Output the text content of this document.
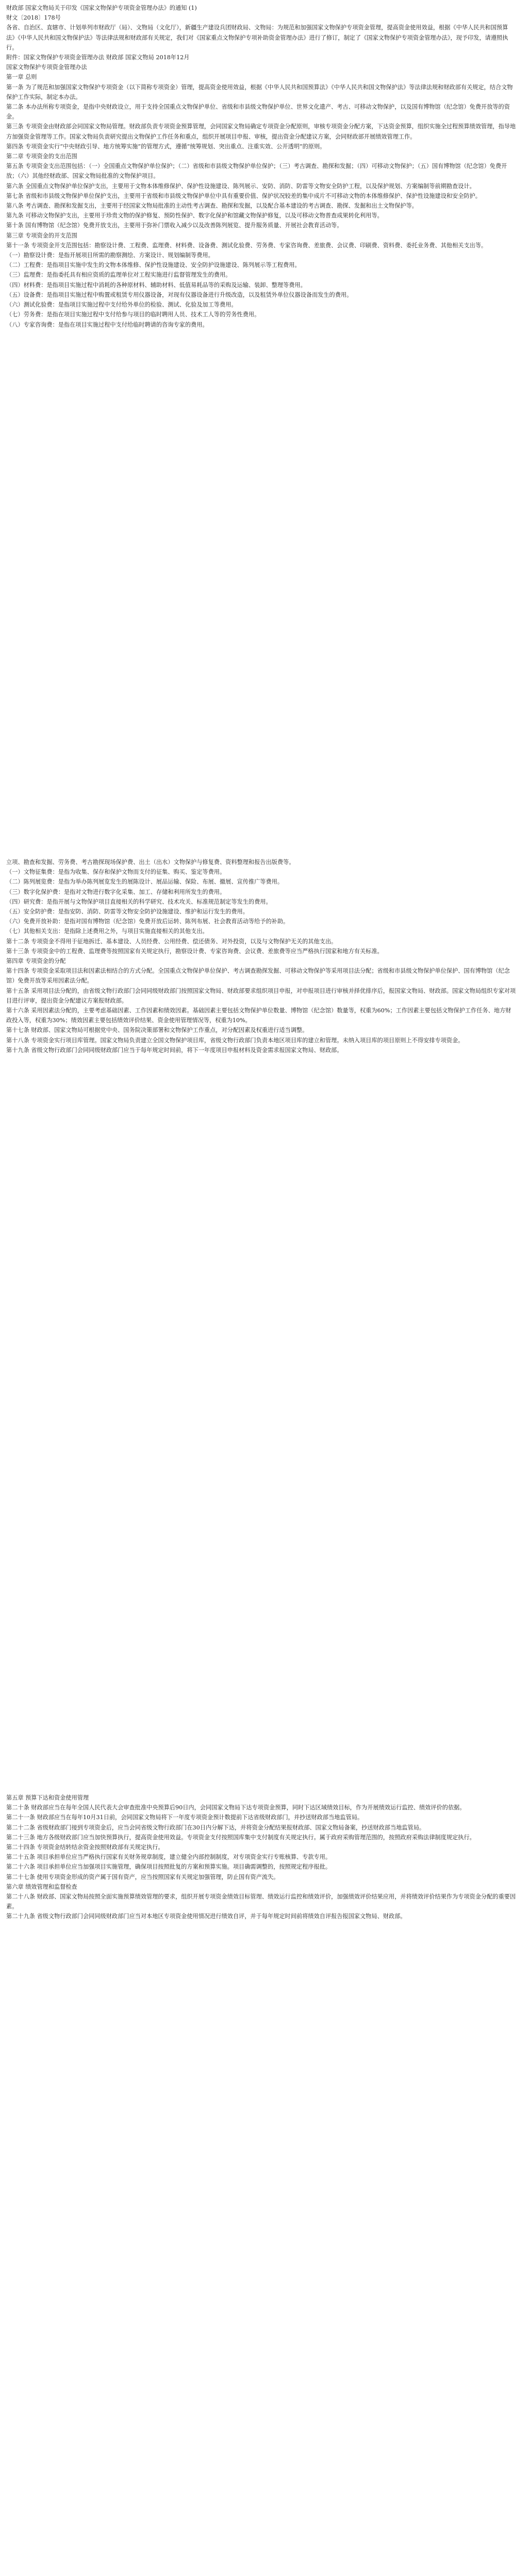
财政部 国家文物局关于印发《国家文物保护专项资金管理办法》的通知 (1)

财文〔2018〕178号

各省、自治区、直辖市、计划单列市财政厅（局）、文物局（文化厅），新疆生产建设兵团财政局、文物局：为规范和加强国家文物保护专项资金管理，提高资金使用效益，根据《中华人民共和国预算法》《中华人民共和国文物保护法》等法律法规和财政部有关规定，我们对《国家重点文物保护专项补助资金管理办法》进行了修订，制定了《国家文物保护专项资金管理办法》，现予印发，请遵照执行。

附件：国家文物保护专项资金管理办法 财政部 国家文物局 2018年12月

国家文物保护专项资金管理办法

第一章 总则

第一条 为了规范和加强国家文物保护专项资金（以下简称专项资金）管理，提高资金使用效益，根据《中华人民共和国预算法》《中华人民共和国文物保护法》等法律法规和财政部有关规定，结合文物保护工作实际，制定本办法。

第二条 本办法所称专项资金，是指中央财政设立，用于支持全国重点文物保护单位、省级和市县级文物保护单位、世界文化遗产、考古、可移动文物保护，以及国有博物馆（纪念馆）免费开放等的资金。

第三条 专项资金由财政部会同国家文物局管理。财政部负责专项资金预算管理，会同国家文物局确定专项资金分配原则，审核专项资金分配方案，下达资金预算，组织实施全过程预算绩效管理，指导地方加强资金管理等工作。国家文物局负责研究提出文物保护工作任务和重点，组织开展项目申报、审核，提出资金分配建议方案，会同财政部开展绩效管理工作。

第四条 专项资金实行“中央财政引导、地方统筹实施”的管理方式，遵循“统筹规划、突出重点、注重实效、公开透明”的原则。

第二章 专项资金的支出范围

第五条 专项资金支出范围包括：（一）全国重点文物保护单位保护；（二）省级和市县级文物保护单位保护；（三）考古调查、勘探和发掘；（四）可移动文物保护；（五）国有博物馆（纪念馆）免费开放；（六）其他经财政部、国家文物局批准的文物保护项目。

第六条 全国重点文物保护单位保护支出，主要用于文物本体维修保护、保护性设施建设、陈列展示、安防、消防、防雷等文物安全防护工程，以及保护规划、方案编制等前期勘查设计。

第七条 省级和市县级文物保护单位保护支出，主要用于省级和市县级文物保护单位中具有重要价值、保护状况较差的集中成片不可移动文物的本体维修保护、保护性设施建设和安全防护。

第八条 考古调查、勘探和发掘支出，主要用于经国家文物局批准的主动性考古调查、勘探和发掘，以及配合基本建设的考古调查、勘探、发掘和出土文物保护等。

第九条 可移动文物保护支出，主要用于珍贵文物的保护修复、预防性保护、数字化保护和馆藏文物保护修复，以及可移动文物普查成果转化利用等。

第十条 国有博物馆（纪念馆）免费开放支出，主要用于弥补门票收入减少以及改善陈列展览、提升服务质量、开展社会教育活动等。

第三章 专项资金的开支范围

第十一条 专项资金开支范围包括：勘察设计费、工程费、监理费、材料费、设备费、测试化验费、劳务费、专家咨询费、差旅费、会议费、印刷费、资料费、委托业务费、其他相关支出等。

（一）勘察设计费：是指开展项目所需的勘察测绘、方案设计、规划编制等费用。

（二）工程费：是指项目实施中发生的文物本体维修、保护性设施建设、安全防护设施建设、陈列展示等工程费用。

（三）监理费：是指委托具有相应资质的监理单位对工程实施进行监督管理发生的费用。

（四）材料费：是指项目实施过程中消耗的各种原材料、辅助材料、低值易耗品等的采购及运输、装卸、整理等费用。

（五）设备费：是指项目实施过程中购置或租赁专用仪器设备，对现有仪器设备进行升级改造，以及租赁外单位仪器设备而发生的费用。

（六）测试化验费：是指项目实施过程中支付给外单位的检验、测试、化验及加工等费用。

（七）劳务费：是指在项目实施过程中支付给参与项目的临时聘用人员、技术工人等的劳务性费用。

（八）专家咨询费：是指在项目实施过程中支付给临时聘请的咨询专家的费用。

立项、勘查和发掘、劳务费、考古勘探现场保护费、出土（出水）文物保护与修复费、资料整理和报告出版费等。

（一）文物征集费：是指为收集、保存和保护文物而支付的征集、购买、鉴定等费用。

（二）陈列展览费：是指为举办陈列展览发生的展陈设计、展品运输、保险、布展、撤展、宣传推广等费用。

（三）数字化保护费：是指对文物进行数字化采集、加工、存储和利用所发生的费用。

（四）研究费：是指开展与文物保护项目直接相关的科学研究、技术攻关、标准规范制定等发生的费用。

（五）安全防护费：是指安防、消防、防雷等文物安全防护设施建设、维护和运行发生的费用。

（六）免费开放补助：是指对国有博物馆（纪念馆）免费开放后运转、陈列布展、社会教育活动等给予的补助。

（七）其他相关支出：是指除上述费用之外，与项目实施直接相关的其他支出。

第十二条 专项资金不得用于征地拆迁、基本建设、人员经费、公用经费、偿还债务、对外投资，以及与文物保护无关的其他支出。

第十三条 专项资金中的工程费、监理费等按照国家有关规定执行，勘察设计费、专家咨询费、会议费、差旅费等应当严格执行国家和地方有关标准。

第四章 专项资金的分配

第十四条 专项资金采取项目法和因素法相结合的方式分配。全国重点文物保护单位保护、考古调查勘探发掘、可移动文物保护等采用项目法分配；省级和市县级文物保护单位保护、国有博物馆（纪念馆）免费开放等采用因素法分配。

第十五条 采用项目法分配的，由省级文物行政部门会同同级财政部门按照国家文物局、财政部要求组织项目申报，对申报项目进行审核并择优排序后，报国家文物局、财政部。国家文物局组织专家对项目进行评审，提出资金分配建议方案报财政部。

第十六条 采用因素法分配的，主要考虑基础因素、工作因素和绩效因素。基础因素主要包括文物保护单位数量、博物馆（纪念馆）数量等，权重为60%；工作因素主要包括文物保护工作任务、地方财政投入等，权重为30%；绩效因素主要包括绩效评价结果、资金使用管理情况等，权重为10%。

第十七条 财政部、国家文物局可根据党中央、国务院决策部署和文物保护工作重点，对分配因素及权重进行适当调整。

第十八条 专项资金实行项目库管理。国家文物局负责建立全国文物保护项目库，省级文物行政部门负责本地区项目库的建立和管理。未纳入项目库的项目原则上不得安排专项资金。

第十九条 省级文物行政部门会同同级财政部门应当于每年规定时间前，将下一年度项目申报材料及资金需求报国家文物局、财政部。

第五章 预算下达和资金使用管理

第二十条 财政部应当在每年全国人民代表大会审查批准中央预算后90日内，会同国家文物局下达专项资金预算，同时下达区域绩效目标，作为开展绩效运行监控、绩效评价的依据。

第二十一条 财政部应当在每年10月31日前，会同国家文物局将下一年度专项资金预计数提前下达省级财政部门，并抄送财政部当地监管局。

第二十二条 省级财政部门接到专项资金后，应当会同省级文物行政部门在30日内分解下达，并将资金分配结果报财政部、国家文物局备案，抄送财政部当地监管局。

第二十三条 地方各级财政部门应当加快预算执行，提高资金使用效益。专项资金支付按照国库集中支付制度有关规定执行。属于政府采购管理范围的，按照政府采购法律制度规定执行。

第二十四条 专项资金结转结余资金按照财政部有关规定执行。

第二十五条 项目承担单位应当严格执行国家有关财务规章制度，建立健全内部控制制度，对专项资金实行专账核算、专款专用。

第二十六条 项目承担单位应当加强项目实施管理，确保项目按照批复的方案和预算实施。项目确需调整的，按照规定程序报批。

第二十七条 使用专项资金形成的资产属于国有资产，应当按照国家有关规定加强管理，防止国有资产流失。

第六章 绩效管理和监督检查

第二十八条 财政部、国家文物局按照全面实施预算绩效管理的要求，组织开展专项资金绩效目标管理、绩效运行监控和绩效评价，加强绩效评价结果应用，并将绩效评价结果作为专项资金分配的重要因素。

第二十九条 省级文物行政部门会同同级财政部门应当对本地区专项资金使用情况进行绩效自评，并于每年规定时间前将绩效自评报告报国家文物局、财政部。
